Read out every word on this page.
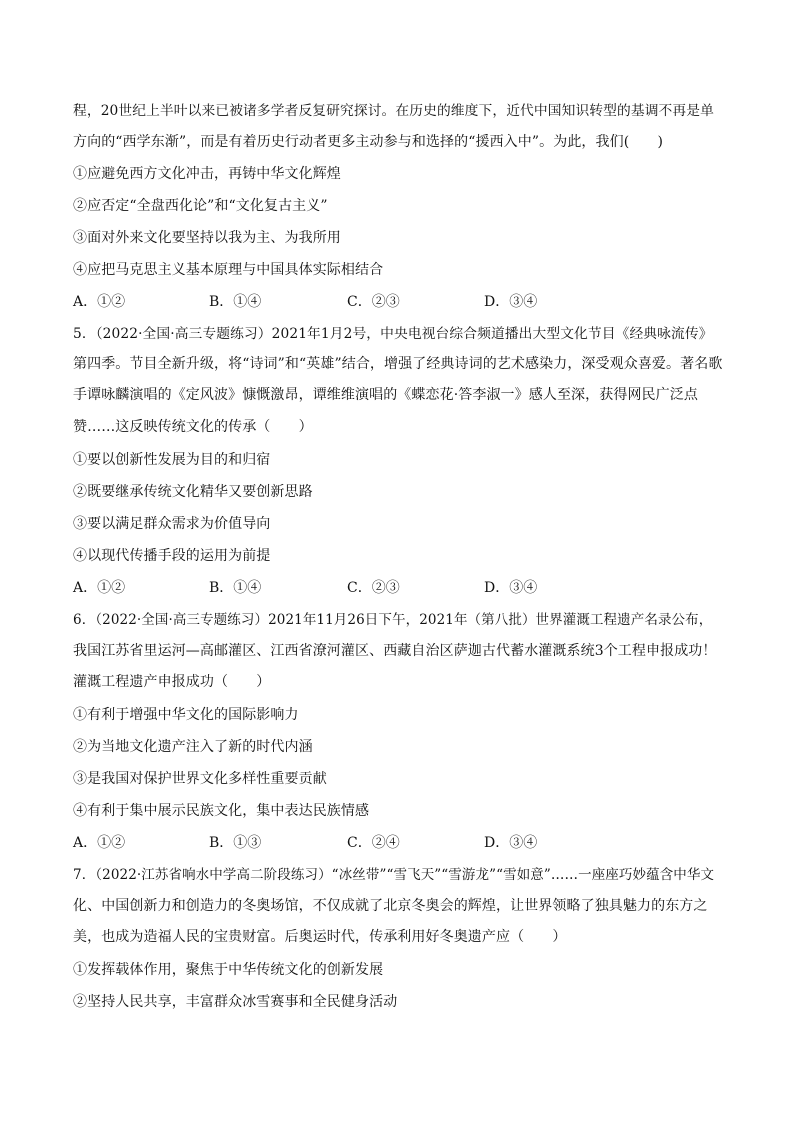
程，20世纪上半叶以来已被诸多学者反复研究探讨。在历史的维度下，近代中国知识转型的基调不再是单
方向的“西学东渐”，而是有着历史行动者更多主动参与和选择的“援西入中”。为此，我们(　　)
①应避免西方文化冲击，再铸中华文化辉煌
②应否定“全盘西化论”和“文化复古主义”
③面对外来文化要坚持以我为主、为我所用
④应把马克思主义基本原理与中国具体实际相结合
A．①②	B．①④	C．②③	D．③④
5．（2022·全国·高三专题练习）2021年1月2号，中央电视台综合频道播出大型文化节目《经典咏流传》
第四季。节目全新升级，将“诗词”和“英雄”结合，增强了经典诗词的艺术感染力，深受观众喜爱。著名歌
手谭咏麟演唱的《定风波》慷慨激昂，谭维维演唱的《蝶恋花·答李淑一》感人至深，获得网民广泛点
赞……这反映传统文化的传承（　　）
①要以创新性发展为目的和归宿
②既要继承传统文化精华又要创新思路
③要以满足群众需求为价值导向
④以现代传播手段的运用为前提
A．①②	B．①④	C．②③	D．③④
6．（2022·全国·高三专题练习）2021年11月26日下午，2021年（第八批）世界灌溉工程遗产名录公布，
我国江苏省里运河—高邮灌区、江西省潦河灌区、西藏自治区萨迦古代蓄水灌溉系统3个工程申报成功！
灌溉工程遗产申报成功（　　）
①有利于增强中华文化的国际影响力
②为当地文化遗产注入了新的时代内涵
③是我国对保护世界文化多样性重要贡献
④有利于集中展示民族文化，集中表达民族情感
A．①②	B．①③	C．②④	D．③④
7．（2022·江苏省响水中学高二阶段练习）“冰丝带”“雪飞天”“雪游龙”“雪如意”……一座座巧妙蕴含中华文
化、中国创新力和创造力的冬奥场馆，不仅成就了北京冬奥会的辉煌，让世界领略了独具魅力的东方之
美，也成为造福人民的宝贵财富。后奥运时代，传承利用好冬奥遗产应（　　）
①发挥载体作用，聚焦于中华传统文化的创新发展
②坚持人民共享，丰富群众冰雪赛事和全民健身活动
